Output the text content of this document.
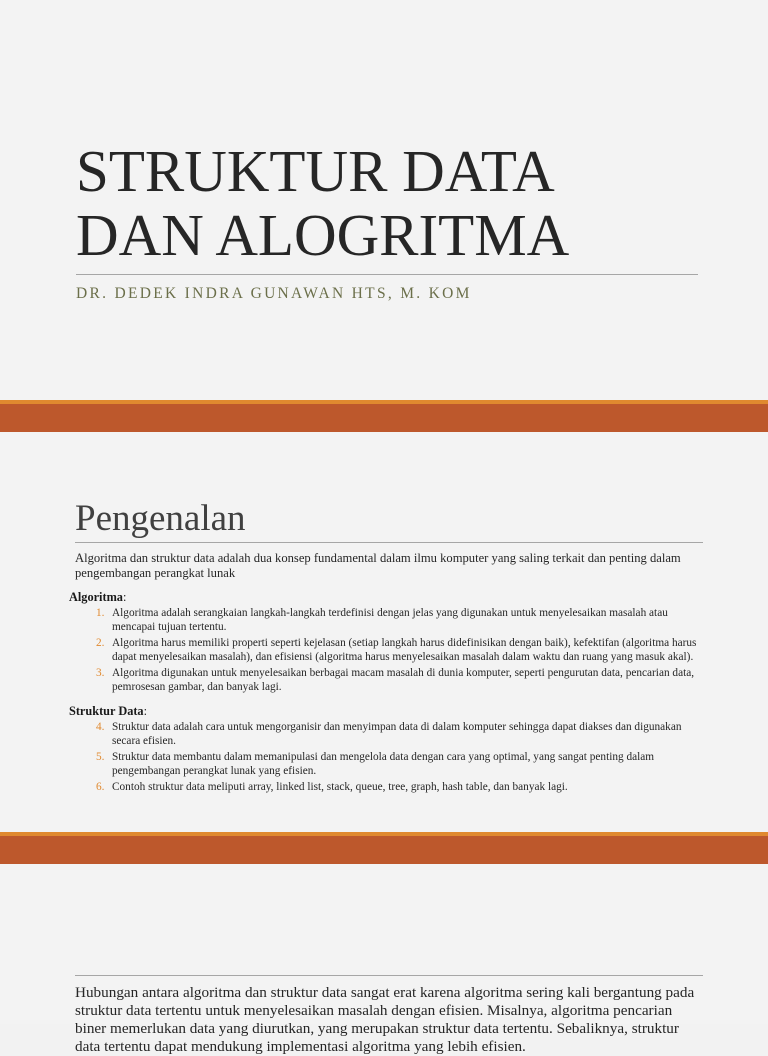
STRUKTUR DATA
DAN ALOGRITMA

DR. DEDEK INDRA GUNAWAN HTS, M. KOM

Pengenalan

Algoritma dan struktur data adalah dua konsep fundamental dalam ilmu komputer yang saling terkait dan penting dalam pengembangan perangkat lunak

Algoritma:

1. Algoritma adalah serangkaian langkah-langkah terdefinisi dengan jelas yang digunakan untuk menyelesaikan masalah atau mencapai tujuan tertentu.
2. Algoritma harus memiliki properti seperti kejelasan (setiap langkah harus didefinisikan dengan baik), kefektifan (algoritma harus dapat menyelesaikan masalah), dan efisiensi (algoritma harus menyelesaikan masalah dalam waktu dan ruang yang masuk akal).
3. Algoritma digunakan untuk menyelesaikan berbagai macam masalah di dunia komputer, seperti pengurutan data, pencarian data, pemrosesan gambar, dan banyak lagi.

Struktur Data:

4. Struktur data adalah cara untuk mengorganisir dan menyimpan data di dalam komputer sehingga dapat diakses dan digunakan secara efisien.
5. Struktur data membantu dalam memanipulasi dan mengelola data dengan cara yang optimal, yang sangat penting dalam pengembangan perangkat lunak yang efisien.
6. Contoh struktur data meliputi array, linked list, stack, queue, tree, graph, hash table, dan banyak lagi.

Hubungan antara algoritma dan struktur data sangat erat karena algoritma sering kali bergantung pada struktur data tertentu untuk menyelesaikan masalah dengan efisien. Misalnya, algoritma pencarian biner memerlukan data yang diurutkan, yang merupakan struktur data tertentu. Sebaliknya, struktur data tertentu dapat mendukung implementasi algoritma yang lebih efisien.
